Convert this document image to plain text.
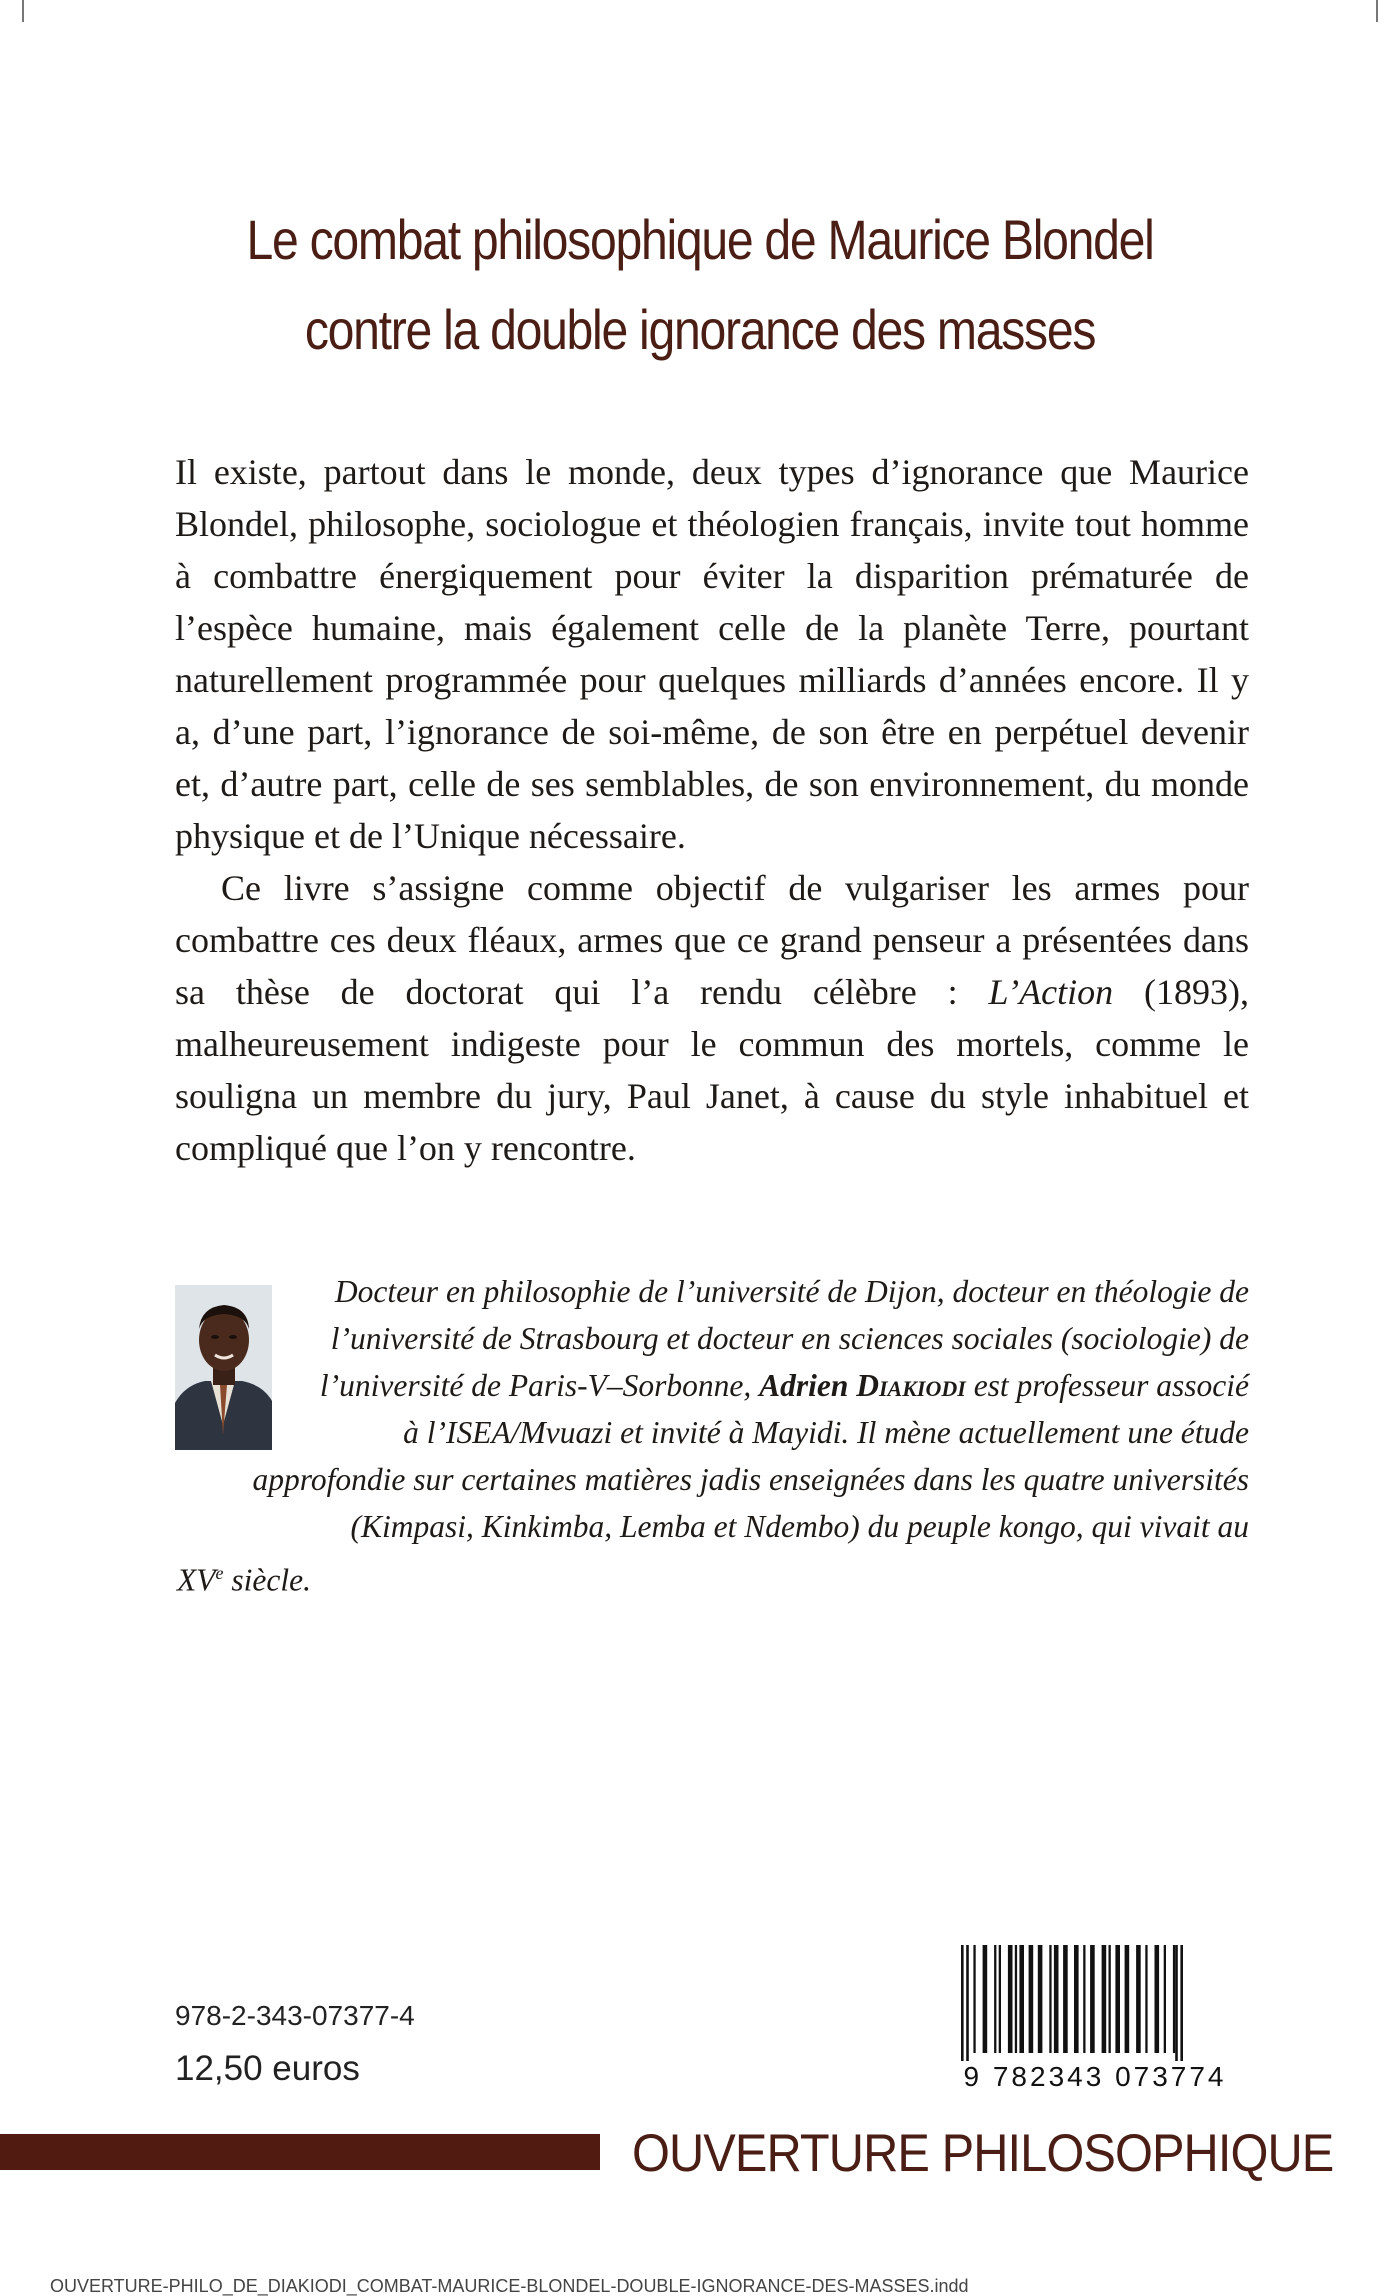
Le combat philosophique de Maurice Blondel
contre la double ignorance des masses

Il existe, partout dans le monde, deux types d’ignorance que Maurice Blondel, philosophe, sociologue et théologien français, invite tout homme à combattre énergiquement pour éviter la disparition prématurée de l’espèce humaine, mais également celle de la planète Terre, pourtant naturellement programmée pour quelques milliards d’années encore. Il y a, d’une part, l’ignorance de soi-même, de son être en perpétuel devenir et, d’autre part, celle de ses semblables, de son environnement, du monde physique et de l’Unique nécessaire.

Ce livre s’assigne comme objectif de vulgariser les armes pour combattre ces deux fléaux, armes que ce grand penseur a présentées dans sa thèse de doctorat qui l’a rendu célèbre : L’Action (1893), malheureusement indigeste pour le commun des mortels, comme le souligna un membre du jury, Paul Janet, à cause du style inhabituel et compliqué que l’on y rencontre.

Docteur en philosophie de l’université de Dijon, docteur en théologie de l’université de Strasbourg et docteur en sciences sociales (sociologie) de l’université de Paris-V–Sorbonne, Adrien Diakiodi est professeur associé à l’ISEA/Mvuazi et invité à Mayidi. Il mène actuellement une étude approfondie sur certaines matières jadis enseignées dans les quatre universités (Kimpasi, Kinkimba, Lemba et Ndembo) du peuple kongo, qui vivait au
XVe siècle.
978-2-343-07377-4
12,50 euros	9 782343 073774
OUVERTURE PHILOSOPHIQUE
OUVERTURE-PHILO_DE_DIAKIODI_COMBAT-MAURICE-BLONDEL-DOUBLE-IGNORANCE-DES-MASSES.indd
